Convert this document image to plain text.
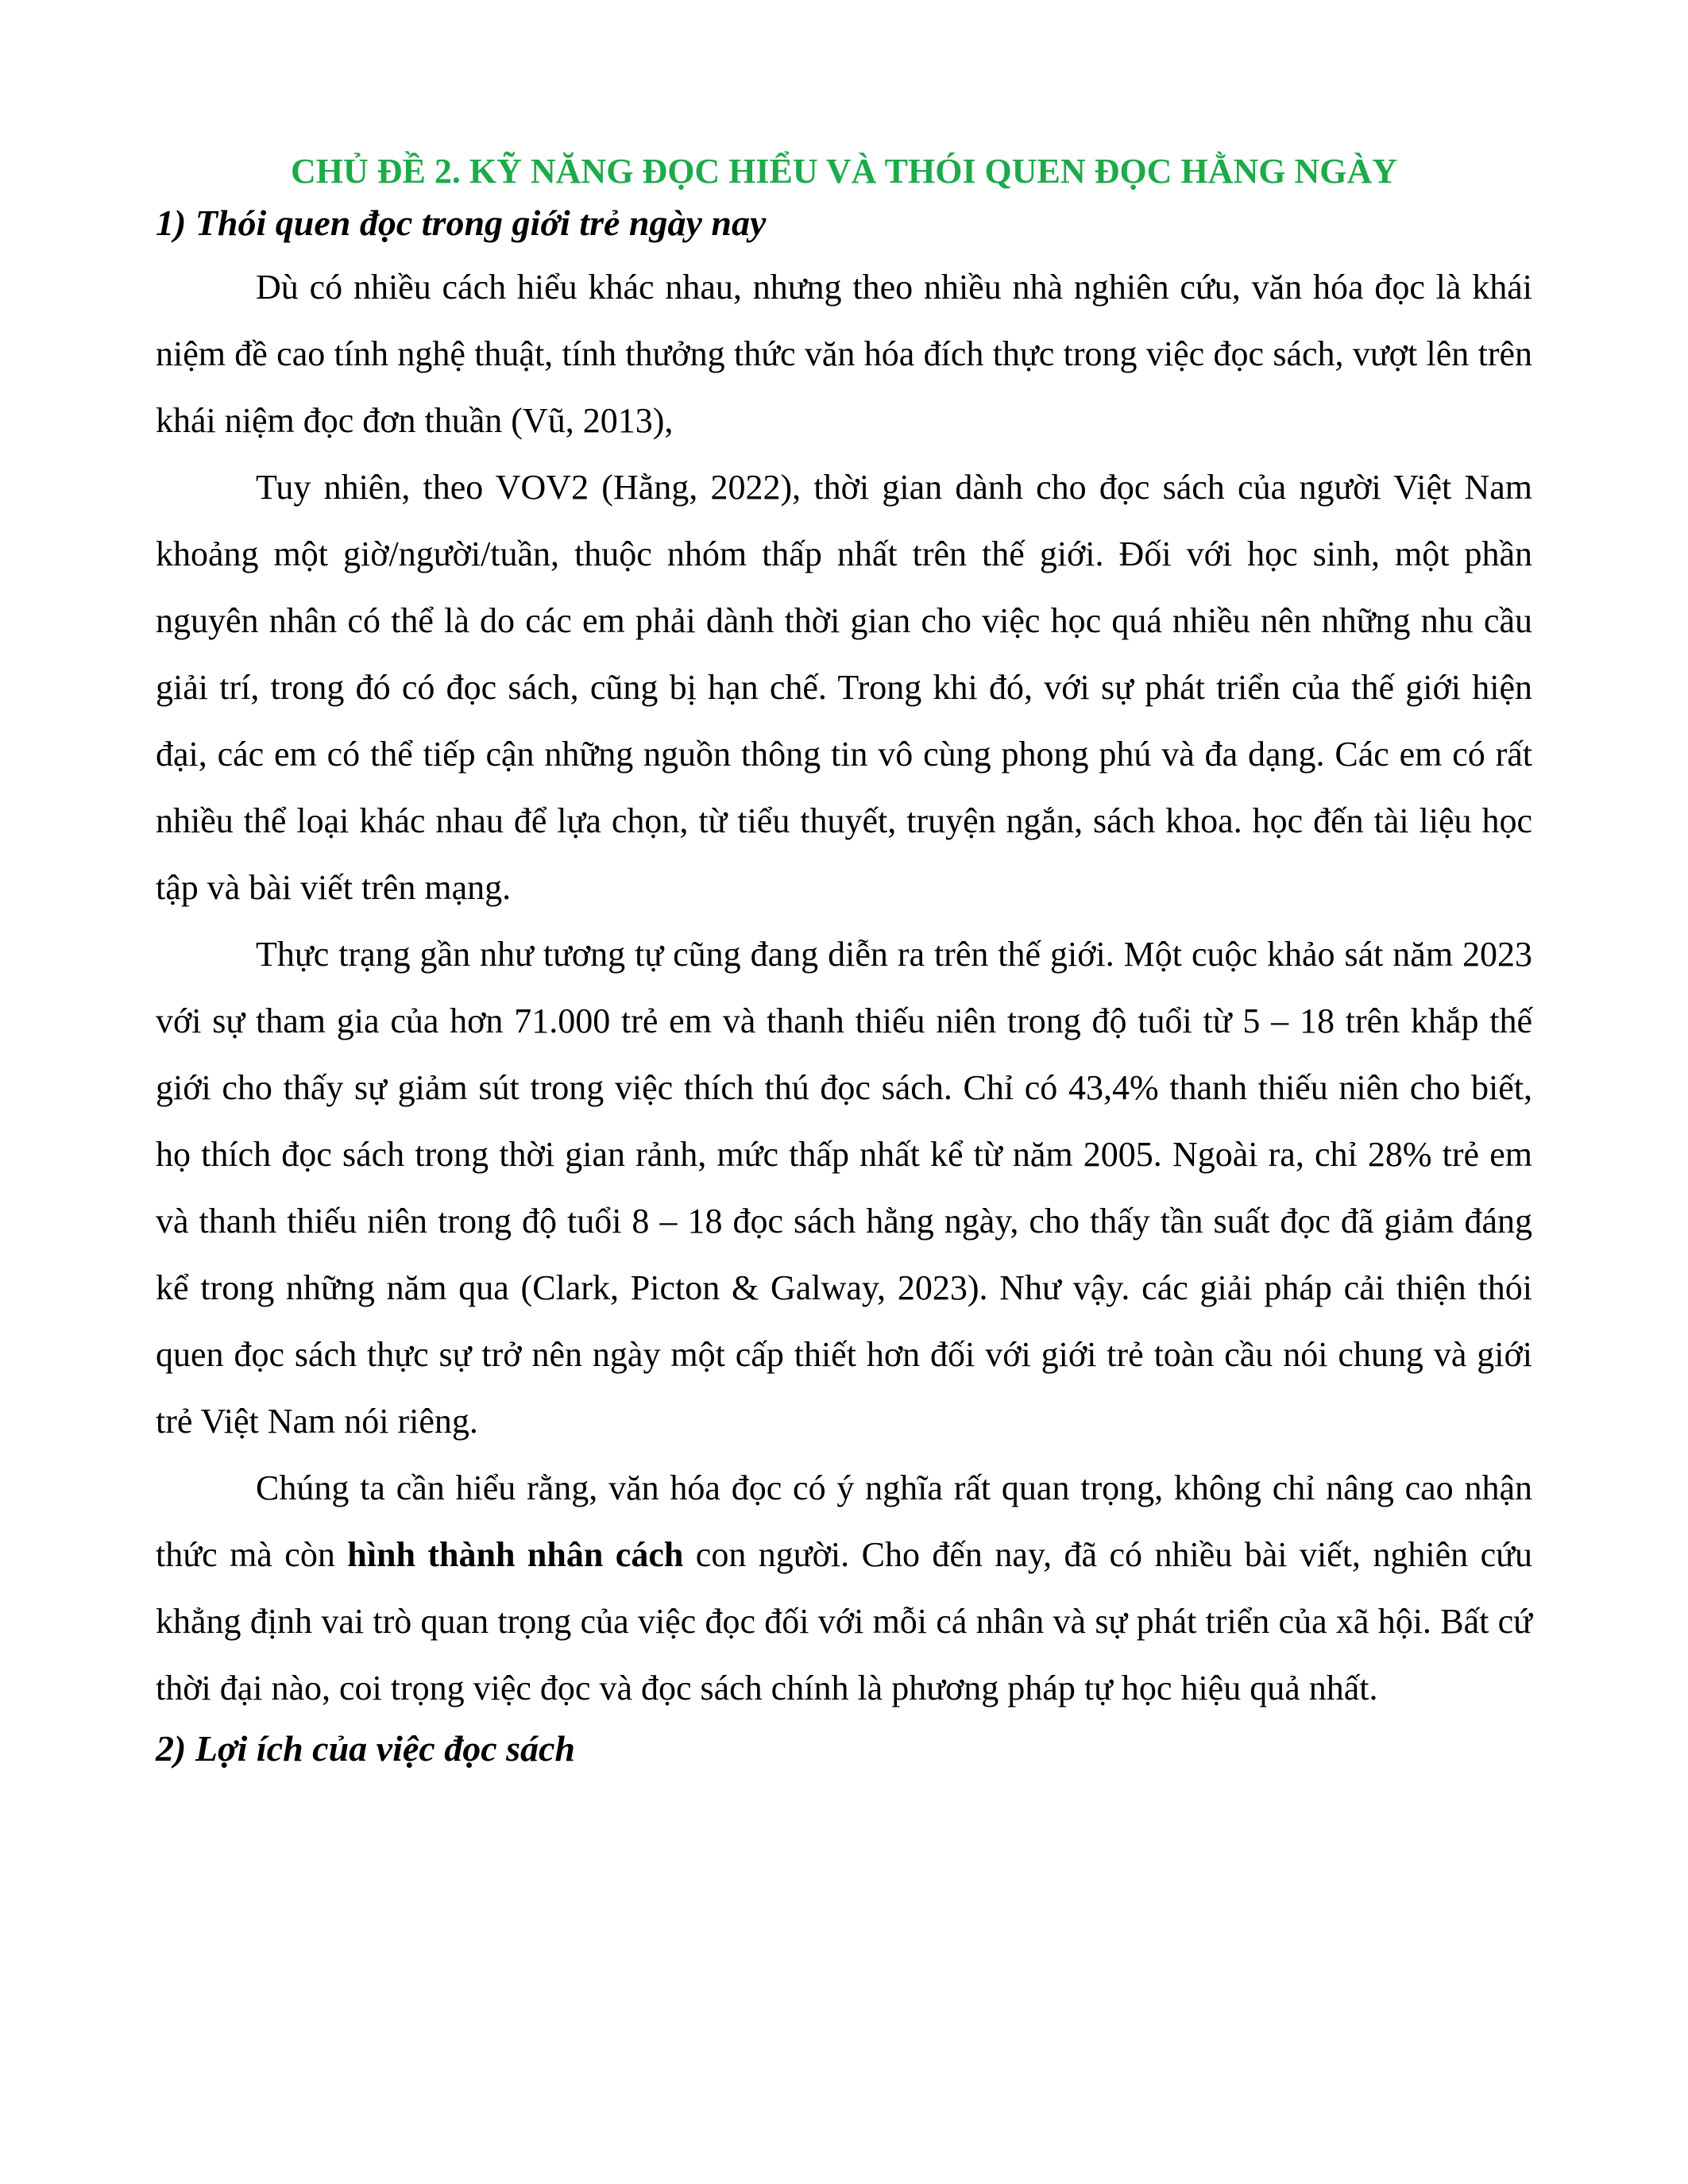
CHỦ ĐỀ 2. KỸ NĂNG ĐỌC HIỂU VÀ THÓI QUEN ĐỌC HẰNG NGÀY
1) Thói quen đọc trong giới trẻ ngày nay

Dù có nhiều cách hiểu khác nhau, nhưng theo nhiều nhà nghiên cứu, văn hóa đọc là khái niệm đề cao tính nghệ thuật, tính thưởng thức văn hóa đích thực trong việc đọc sách, vượt lên trên khái niệm đọc đơn thuần (Vũ, 2013),

Tuy nhiên, theo VOV2 (Hằng, 2022), thời gian dành cho đọc sách của người Việt Nam khoảng một giờ/người/tuần, thuộc nhóm thấp nhất trên thế giới. Đối với học sinh, một phần nguyên nhân có thể là do các em phải dành thời gian cho việc học quá nhiều nên những nhu cầu giải trí, trong đó có đọc sách, cũng bị hạn chế. Trong khi đó, với sự phát triển của thế giới hiện đại, các em có thể tiếp cận những nguồn thông tin vô cùng phong phú và đa dạng. Các em có rất nhiều thể loại khác nhau để lựa chọn, từ tiểu thuyết, truyện ngắn, sách khoa. học đến tài liệu học tập và bài viết trên mạng.

Thực trạng gần như tương tự cũng đang diễn ra trên thế giới. Một cuộc khảo sát năm 2023 với sự tham gia của hơn 71.000 trẻ em và thanh thiếu niên trong độ tuổi từ 5 – 18 trên khắp thế giới cho thấy sự giảm sút trong việc thích thú đọc sách. Chỉ có 43,4% thanh thiếu niên cho biết, họ thích đọc sách trong thời gian rảnh, mức thấp nhất kể từ năm 2005. Ngoài ra, chỉ 28% trẻ em và thanh thiếu niên trong độ tuổi 8 – 18 đọc sách hằng ngày, cho thấy tần suất đọc đã giảm đáng kể trong những năm qua (Clark, Picton & Galway, 2023). Như vậy. các giải pháp cải thiện thói quen đọc sách thực sự trở nên ngày một cấp thiết hơn đối với giới trẻ toàn cầu nói chung và giới trẻ Việt Nam nói riêng.

Chúng ta cần hiểu rằng, văn hóa đọc có ý nghĩa rất quan trọng, không chỉ nâng cao nhận thức mà còn hình thành nhân cách con người. Cho đến nay, đã có nhiều bài viết, nghiên cứu khẳng định vai trò quan trọng của việc đọc đối với mỗi cá nhân và sự phát triển của xã hội. Bất cứ thời đại nào, coi trọng việc đọc và đọc sách chính là phương pháp tự học hiệu quả nhất.

2) Lợi ích của việc đọc sách
